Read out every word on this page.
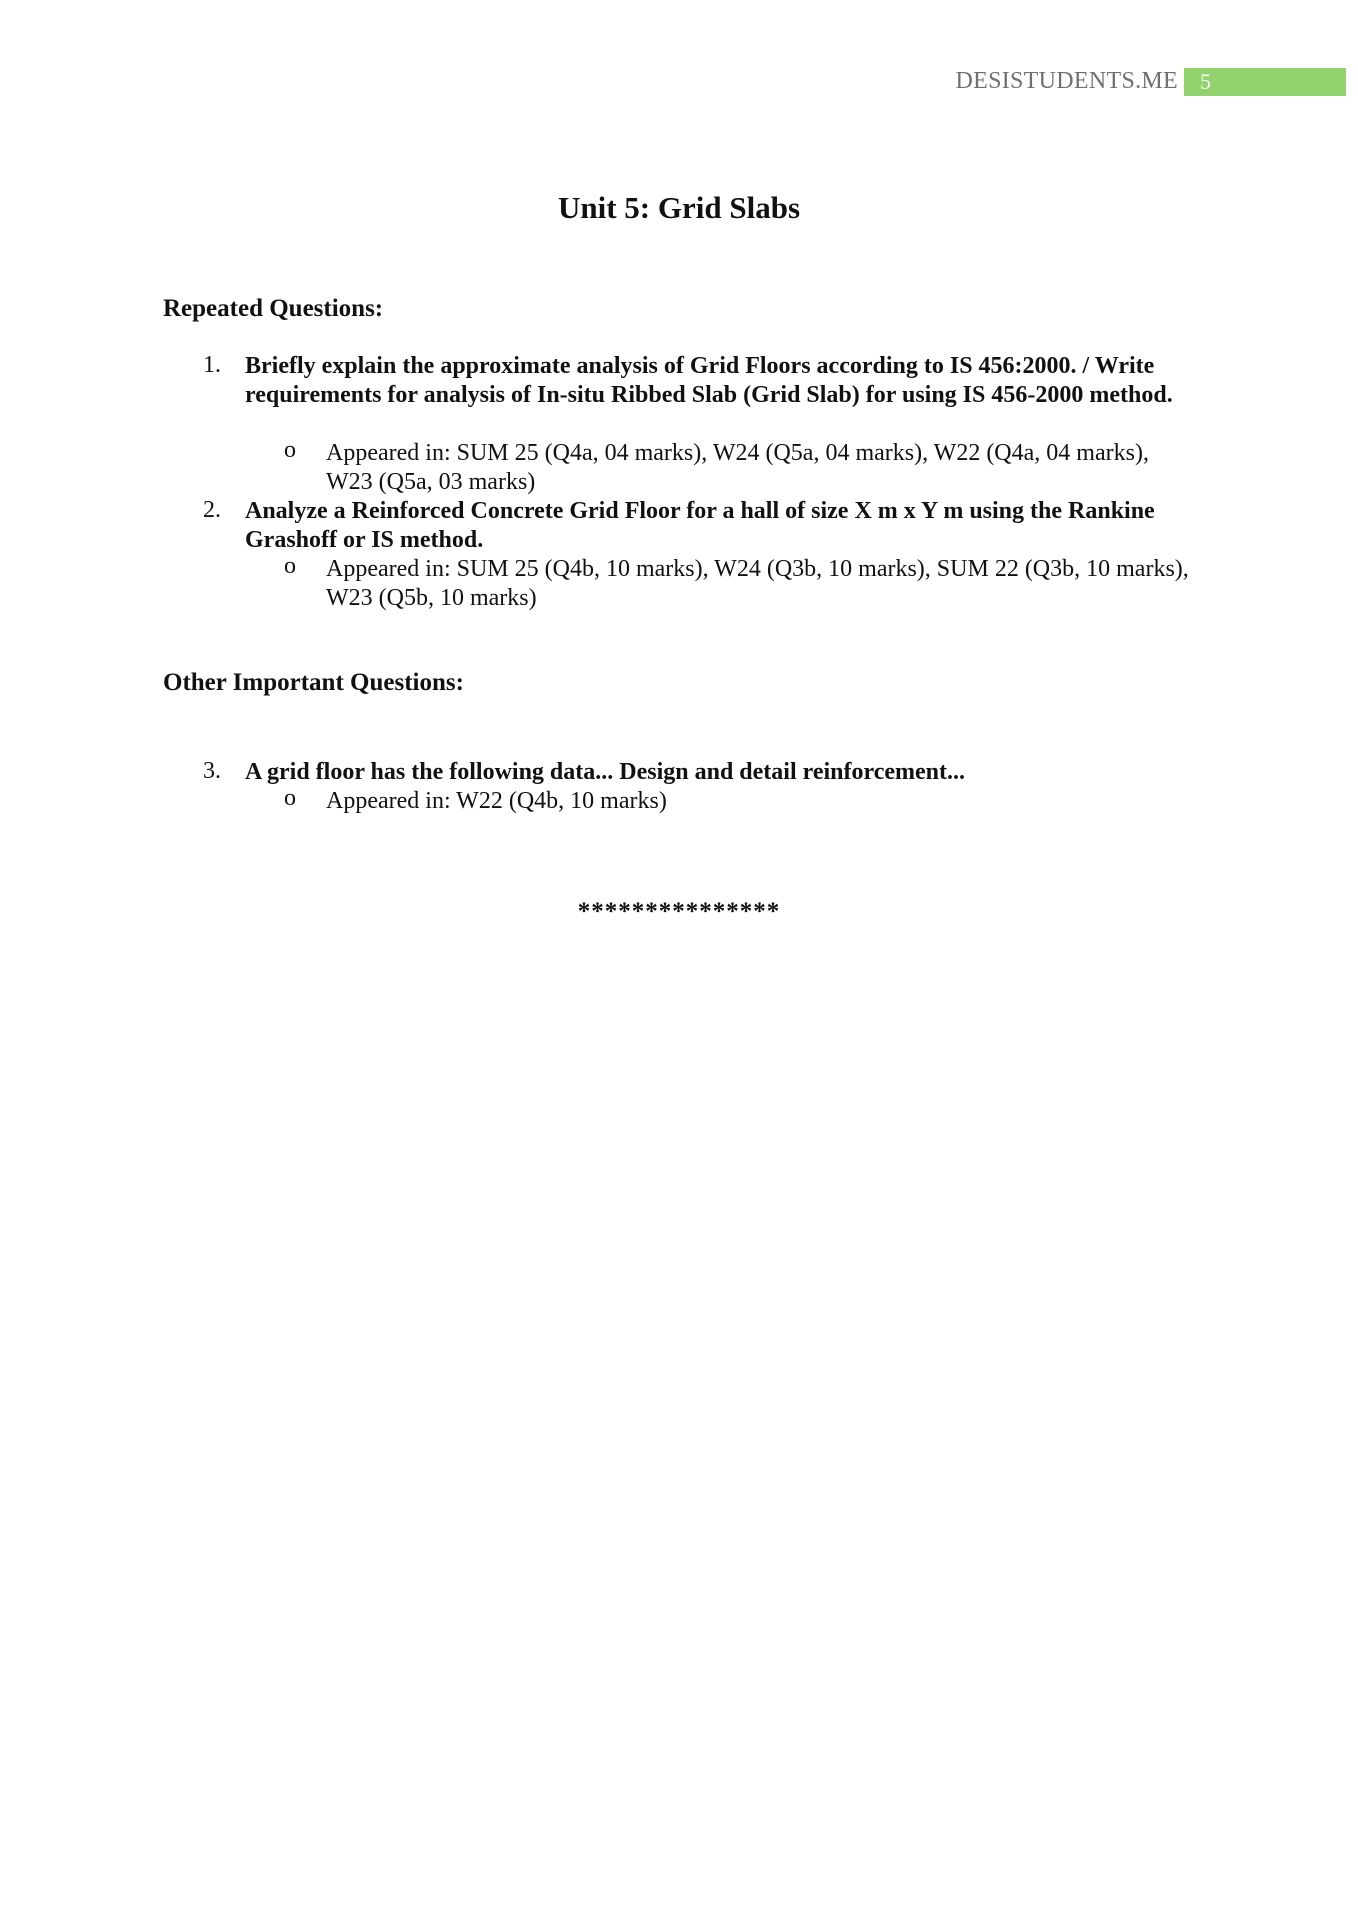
DESISTUDENTS.ME	5
Unit 5: Grid Slabs
Repeated Questions:
1. Briefly explain the approximate analysis of Grid Floors according to IS 456:2000. / Write requirements for analysis of In-situ Ribbed Slab (Grid Slab) for using IS 456-2000 method.
o Appeared in: SUM 25 (Q4a, 04 marks), W24 (Q5a, 04 marks), W22 (Q4a, 04 marks), W23 (Q5a, 03 marks)
2. Analyze a Reinforced Concrete Grid Floor for a hall of size X m x Y m using the Rankine Grashoff or IS method.
o Appeared in: SUM 25 (Q4b, 10 marks), W24 (Q3b, 10 marks), SUM 22 (Q3b, 10 marks), W23 (Q5b, 10 marks)
Other Important Questions:
3. A grid floor has the following data... Design and detail reinforcement...
o Appeared in: W22 (Q4b, 10 marks)
***************
